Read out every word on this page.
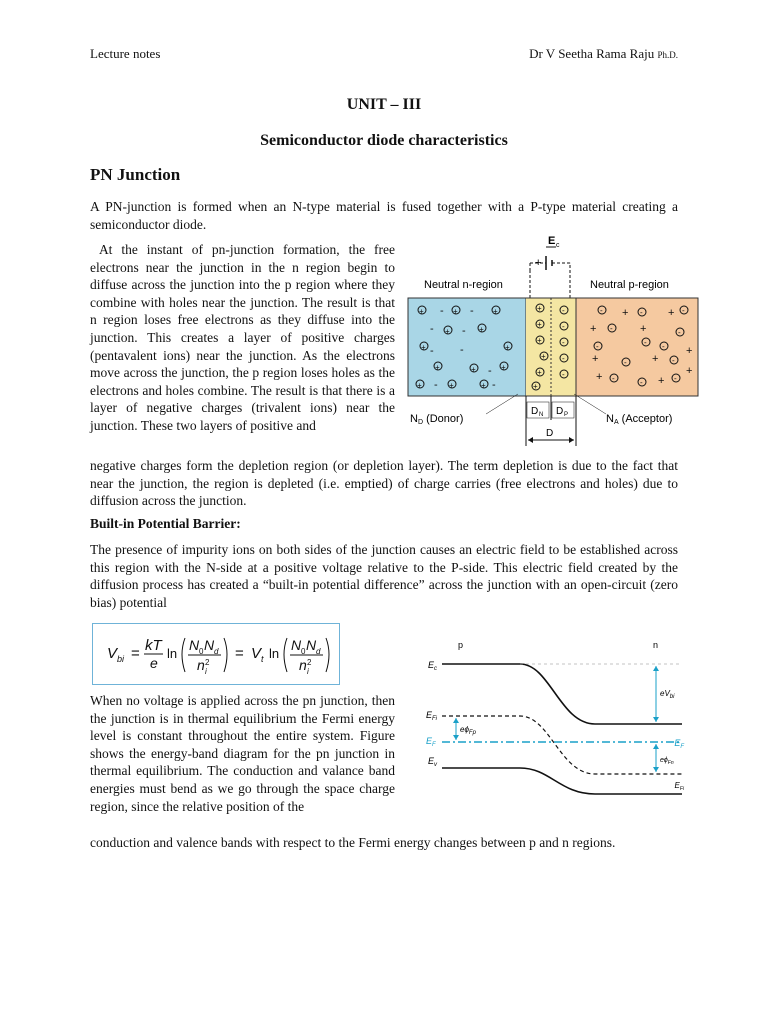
Lecture notes	Dr V Seetha Rama Raju Ph.D.
UNIT – III
Semiconductor diode characteristics
PN Junction
A PN-junction is formed when an N-type material is fused together with a P-type material creating a semiconductor diode.
At the instant of pn-junction formation, the free electrons near the junction in the n region begin to diffuse across the junction into the p region where they combine with holes near the junction. The result is that n region loses free electrons as they diffuse into the junction. This creates a layer of positive charges (pentavalent ions) near the junction. As the electrons move across the junction, the p region loses holes as the electrons and holes combine. The result is that there is a layer of negative charges (trivalent ions) near the junction. These two layers of positive and
negative charges form the depletion region (or depletion layer). The term depletion is due to the fact that near the junction, the region is depleted (i.e. emptied) of charge carries (free electrons and holes) due to diffusion across the junction.
Built-in Potential Barrier:
The presence of impurity ions on both sides of the junction causes an electric field to be established across this region with the N-side at a positive voltage relative to the P-side. This electric field created by the diffusion process has created a “built-in potential difference” across the junction with an open-circuit (zero bias) potential
V bi = kT
e
ln
N 0 N d
n i
2
= V t ln
N 0 N d
n i
2
When no voltage is applied across the pn junction, then the junction is in thermal equilibrium the Fermi energy level is constant throughout the entire system. Figure shows the energy-band diagram for the pn junction in thermal equilibrium. The conduction and valance band energies must bend as we go through the space charge region, since the relative position of the
conduction and valence bands with respect to the Fermi energy changes between p and n regions.
E c
+ -
Neutral n-region	Neutral p-region
+ - + - +
- + - +
+ - -	+
+	+ - +
+ - +	+ -
+
+
+
+
+
+
-
-
-
-
-
-	-
+	+ -
+ - +	-
-	- - +
+	- + -
+ -	- + -
+
D N D P
D
ND (Donor)	NA (Acceptor)
p	n
$E_c$
$E_{Fi}$
$E_F$
$E_v$
$e\phi_{Fp}$
$eV_{bi}$
$e\phi_{Fn}$
$E_F$
$E_{Fi}$
